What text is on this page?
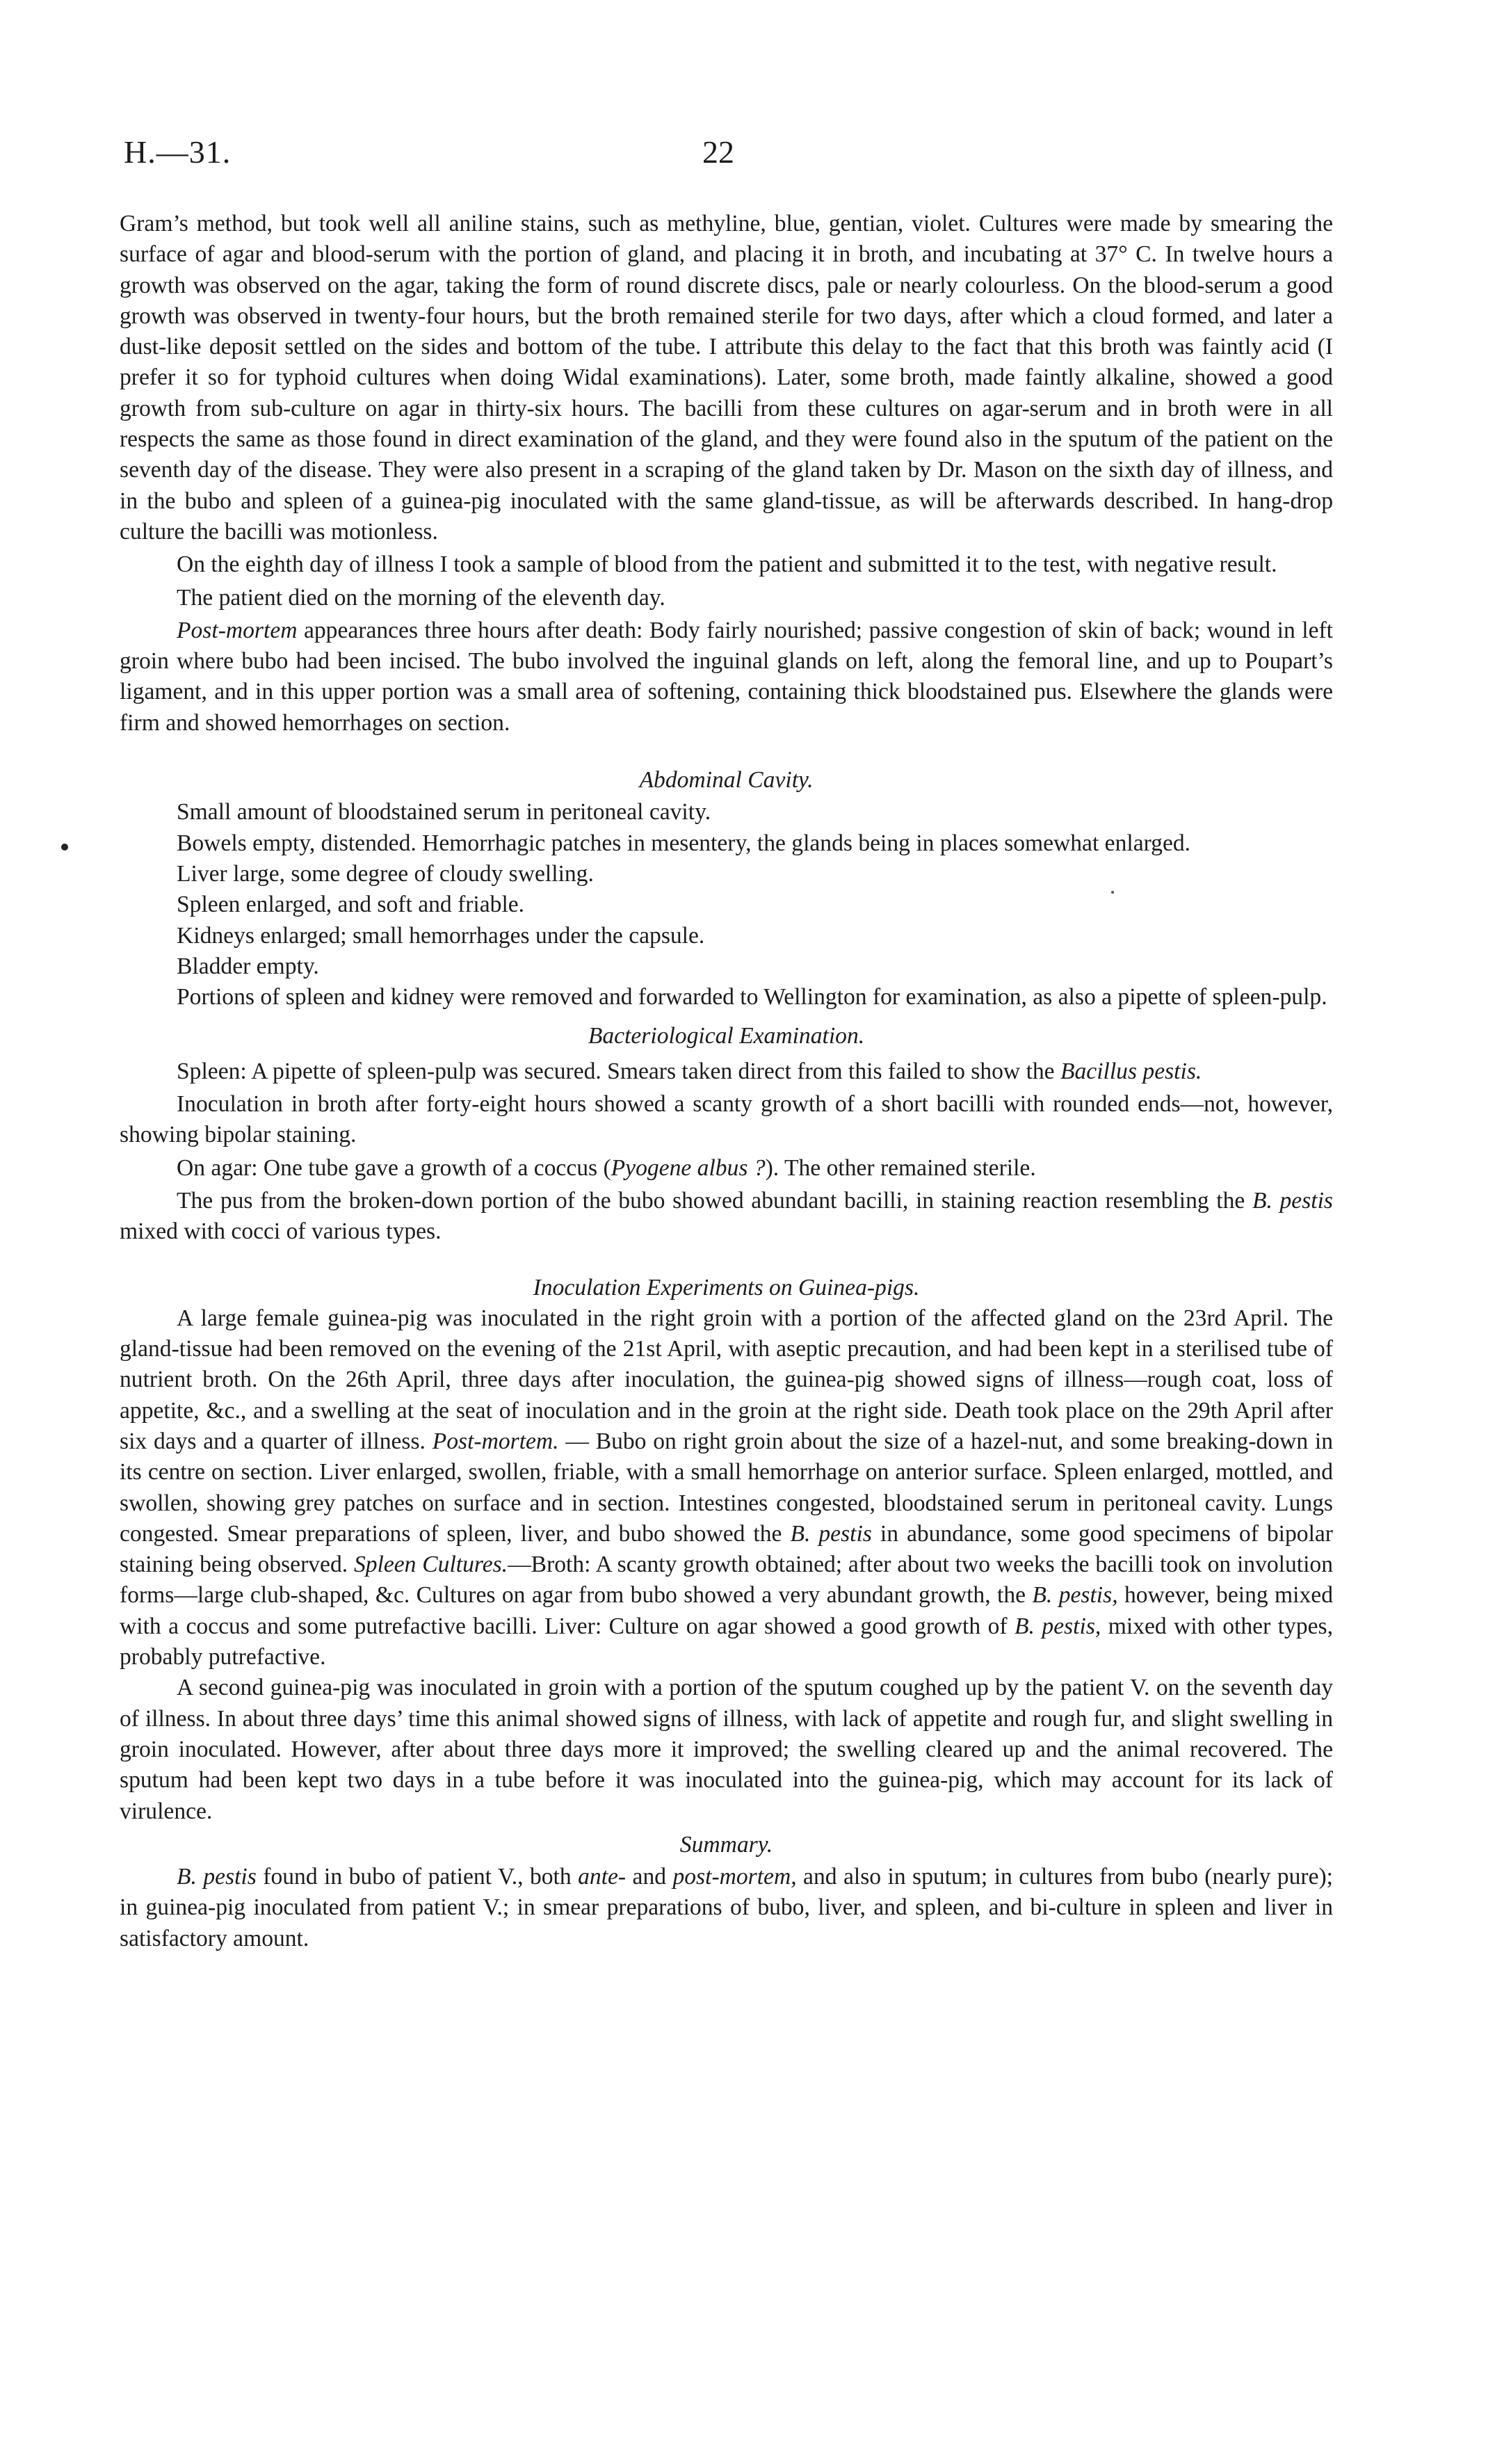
H.—31.	22

Gram’s method, but took well all aniline stains, such as methyline, blue, gentian, violet. Cultures were made by smearing the surface of agar and blood-serum with the portion of gland, and placing it in broth, and incubating at 37° C. In twelve hours a growth was observed on the agar, taking the form of round discrete discs, pale or nearly colourless. On the blood-serum a good growth was observed in twenty-four hours, but the broth remained sterile for two days, after which a cloud formed, and later a dust-like deposit settled on the sides and bottom of the tube. I attribute this delay to the fact that this broth was faintly acid (I prefer it so for typhoid cultures when doing Widal examinations). Later, some broth, made faintly alkaline, showed a good growth from sub-culture on agar in thirty-six hours. The bacilli from these cultures on agar-serum and in broth were in all respects the same as those found in direct examination of the gland, and they were found also in the sputum of the patient on the seventh day of the disease. They were also present in a scraping of the gland taken by Dr. Mason on the sixth day of illness, and in the bubo and spleen of a guinea-pig inoculated with the same gland-tissue, as will be afterwards described. In hang-drop culture the bacilli was motionless.

On the eighth day of illness I took a sample of blood from the patient and submitted it to the test, with negative result.

The patient died on the morning of the eleventh day.

Post-mortem appearances three hours after death: Body fairly nourished; passive congestion of skin of back; wound in left groin where bubo had been incised. The bubo involved the inguinal glands on left, along the femoral line, and up to Poupart’s ligament, and in this upper portion was a small area of softening, containing thick bloodstained pus. Elsewhere the glands were firm and showed hemorrhages on section.

Abdominal Cavity.

Small amount of bloodstained serum in peritoneal cavity.

Bowels empty, distended. Hemorrhagic patches in mesentery, the glands being in places somewhat enlarged.

Liver large, some degree of cloudy swelling.

Spleen enlarged, and soft and friable.

Kidneys enlarged; small hemorrhages under the capsule.

Bladder empty.

Portions of spleen and kidney were removed and forwarded to Wellington for examination, as also a pipette of spleen-pulp.

Bacteriological Examination.

Spleen: A pipette of spleen-pulp was secured. Smears taken direct from this failed to show the Bacillus pestis.

Inoculation in broth after forty-eight hours showed a scanty growth of a short bacilli with rounded ends—not, however, showing bipolar staining.

On agar: One tube gave a growth of a coccus (Pyogene albus ?). The other remained sterile.

The pus from the broken-down portion of the bubo showed abundant bacilli, in staining reaction resembling the B. pestis mixed with cocci of various types.

Inoculation Experiments on Guinea-pigs.

A large female guinea-pig was inoculated in the right groin with a portion of the affected gland on the 23rd April. The gland-tissue had been removed on the evening of the 21st April, with aseptic precaution, and had been kept in a sterilised tube of nutrient broth. On the 26th April, three days after inoculation, the guinea-pig showed signs of illness—rough coat, loss of appetite, &c., and a swelling at the seat of inoculation and in the groin at the right side. Death took place on the 29th April after six days and a quarter of illness. Post-mortem. — Bubo on right groin about the size of a hazel-nut, and some breaking-down in its centre on section. Liver enlarged, swollen, friable, with a small hemorrhage on anterior surface. Spleen enlarged, mottled, and swollen, showing grey patches on surface and in section. Intestines congested, bloodstained serum in peritoneal cavity. Lungs congested. Smear preparations of spleen, liver, and bubo showed the B. pestis in abundance, some good specimens of bipolar staining being observed. Spleen Cultures.—Broth: A scanty growth obtained; after about two weeks the bacilli took on involution forms—large club-shaped, &c. Cultures on agar from bubo showed a very abundant growth, the B. pestis, however, being mixed with a coccus and some putrefactive bacilli. Liver: Culture on agar showed a good growth of B. pestis, mixed with other types, probably putrefactive.

A second guinea-pig was inoculated in groin with a portion of the sputum coughed up by the patient V. on the seventh day of illness. In about three days’ time this animal showed signs of illness, with lack of appetite and rough fur, and slight swelling in groin inoculated. However, after about three days more it improved; the swelling cleared up and the animal recovered. The sputum had been kept two days in a tube before it was inoculated into the guinea-pig, which may account for its lack of virulence.

Summary.

B. pestis found in bubo of patient V., both ante- and post-mortem, and also in sputum; in cultures from bubo (nearly pure); in guinea-pig inoculated from patient V.; in smear preparations of bubo, liver, and spleen, and bi-culture in spleen and liver in satisfactory amount.
